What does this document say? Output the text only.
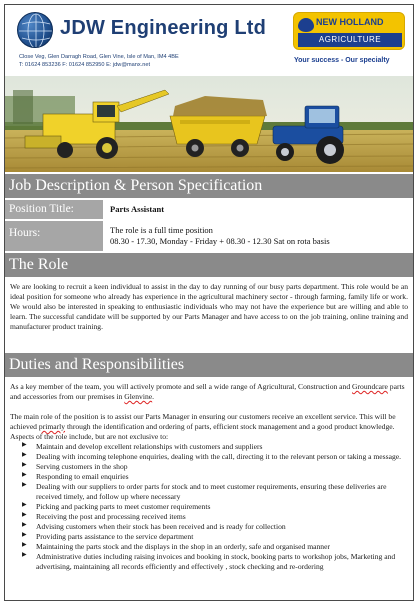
JDW Engineering Ltd
Close Veg, Glen Darragh Road, Glen Vine, Isle of Man, IM4 4BE
T: 01624 853236 F: 01624 852950 E: jdw@manx.net
NEW HOLLAND
AGRICULTURE
Your success - Our specialty
Job Description & Person Specification
Position Title:	Parts Assistant
Hours:	The role is a full time position
08.30 - 17.30, Monday - Friday + 08.30 - 12.30 Sat on rota basis
The Role

We are looking to recruit a keen individual to assist in the day to day running of our busy parts department. This role would be an ideal position for someone who already has experience in the agricultural machinery sector - through farming, family life or work. We would also be interested in speaking to enthusiastic individuals who may not have the experience but are willing and able to learn. The successful candidate will be supported by our Parts Manager and have access to on the job training, online training and manufacturer product training.

Duties and Responsibilities

As a key member of the team, you will actively promote and sell a wide range of Agricultural, Construction and Groundcare parts and accessories from our premises in Glenvine.

The main role of the position is to assist our Parts Manager in ensuring our customers receive an excellent service. This will be achieved primarly through the identification and ordering of parts, efficient stock management and a good product knowledge. Aspects of the role include, but are not exclusive to:

▶ Maintain and develop excellent relationships with customers and suppliers
▶ Dealing with incoming telephone enquiries, dealing with the call, directing it to the relevant person or taking a message.
▶ Serving customers in the shop
▶ Responding to email enquiries
▶ Dealing with our suppliers to order parts for stock and to meet customer requirements, ensuring these deliveries are received timely, and follow up where necessary
▶ Picking and packing parts to meet customer requirements
▶ Receiving the post and processing received items
▶ Advising customers when their stock has been received and is ready for collection
▶ Providing parts assistance to the service department
▶ Maintaining the parts stock and the displays in the shop in an orderly, safe and organised manner
▶ Administrative duties including raising invoices and booking in stock, booking parts to workshop jobs, Marketing and advertising, maintaining all records efficiently and effectively , stock checking and re-ordering
